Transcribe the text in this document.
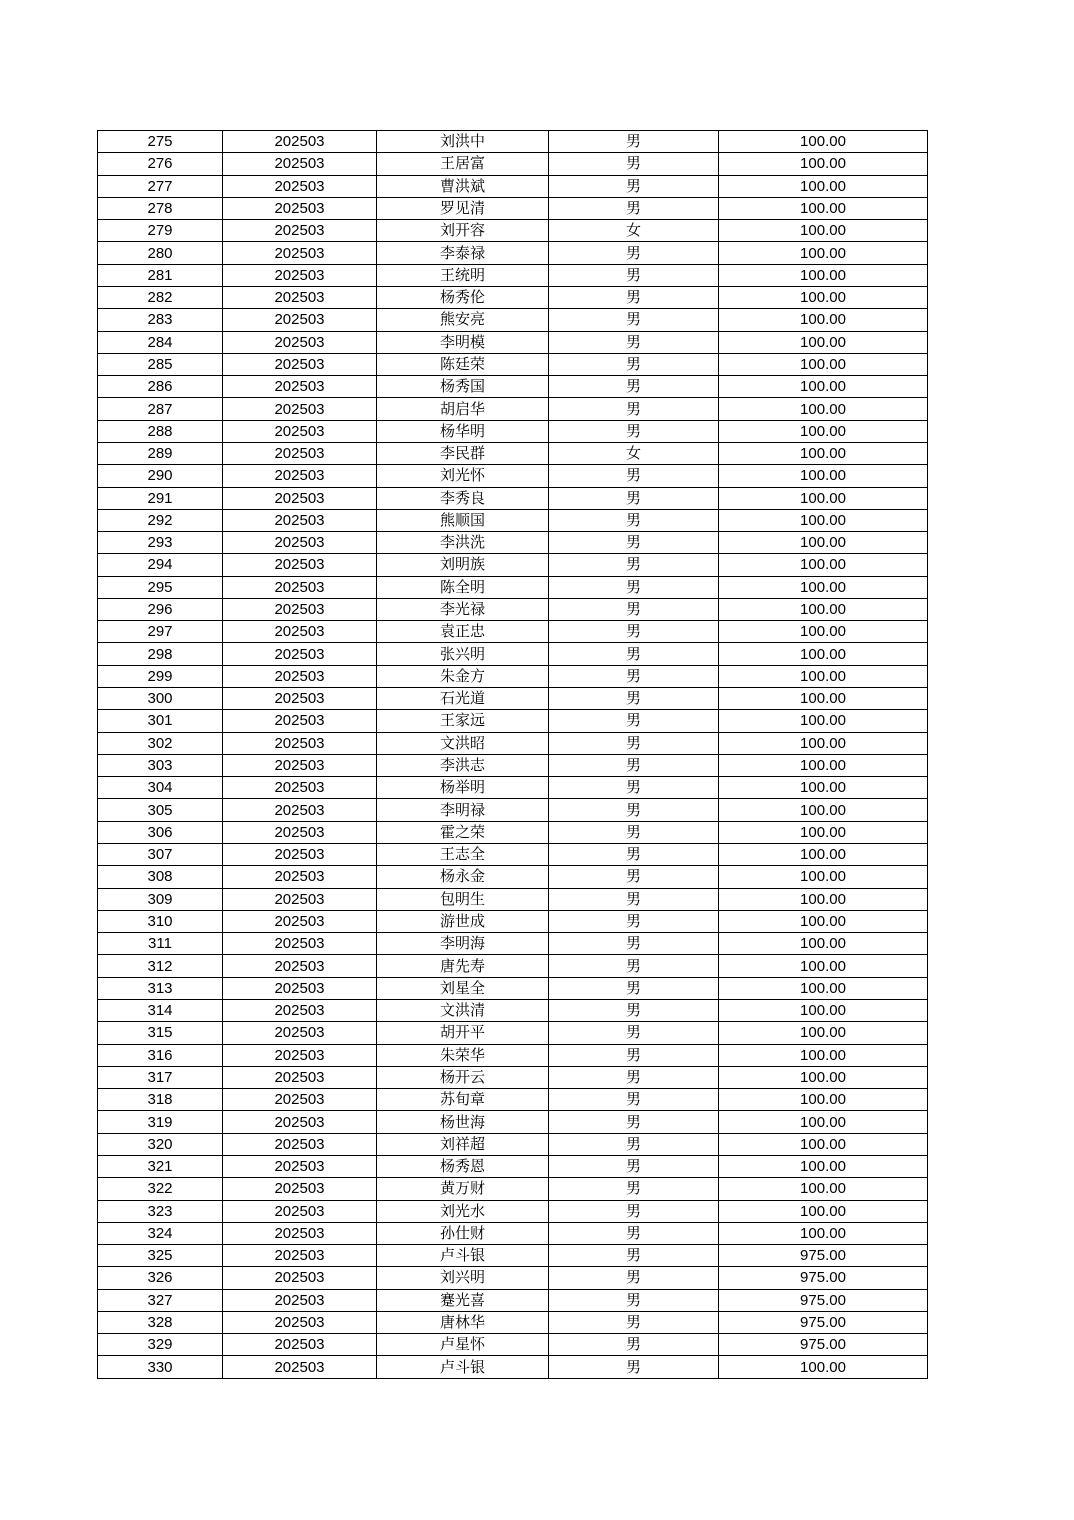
275	202503	刘洪中	男	100.00
276	202503	王居富	男	100.00
277	202503	曹洪斌	男	100.00
278	202503	罗见清	男	100.00
279	202503	刘开容	女	100.00
280	202503	李泰禄	男	100.00
281	202503	王统明	男	100.00
282	202503	杨秀伦	男	100.00
283	202503	熊安亮	男	100.00
284	202503	李明模	男	100.00
285	202503	陈廷荣	男	100.00
286	202503	杨秀国	男	100.00
287	202503	胡启华	男	100.00
288	202503	杨华明	男	100.00
289	202503	李民群	女	100.00
290	202503	刘光怀	男	100.00
291	202503	李秀良	男	100.00
292	202503	熊顺国	男	100.00
293	202503	李洪洗	男	100.00
294	202503	刘明族	男	100.00
295	202503	陈全明	男	100.00
296	202503	李光禄	男	100.00
297	202503	袁正忠	男	100.00
298	202503	张兴明	男	100.00
299	202503	朱金方	男	100.00
300	202503	石光道	男	100.00
301	202503	王家远	男	100.00
302	202503	文洪昭	男	100.00
303	202503	李洪志	男	100.00
304	202503	杨举明	男	100.00
305	202503	李明禄	男	100.00
306	202503	霍之荣	男	100.00
307	202503	王志全	男	100.00
308	202503	杨永金	男	100.00
309	202503	包明生	男	100.00
310	202503	游世成	男	100.00
311	202503	李明海	男	100.00
312	202503	唐先寿	男	100.00
313	202503	刘星全	男	100.00
314	202503	文洪清	男	100.00
315	202503	胡开平	男	100.00
316	202503	朱荣华	男	100.00
317	202503	杨开云	男	100.00
318	202503	苏旬章	男	100.00
319	202503	杨世海	男	100.00
320	202503	刘祥超	男	100.00
321	202503	杨秀恩	男	100.00
322	202503	黄万财	男	100.00
323	202503	刘光水	男	100.00
324	202503	孙仕财	男	100.00
325	202503	卢斗银	男	975.00
326	202503	刘兴明	男	975.00
327	202503	蹇光喜	男	975.00
328	202503	唐林华	男	975.00
329	202503	卢星怀	男	975.00
330	202503	卢斗银	男	100.00
